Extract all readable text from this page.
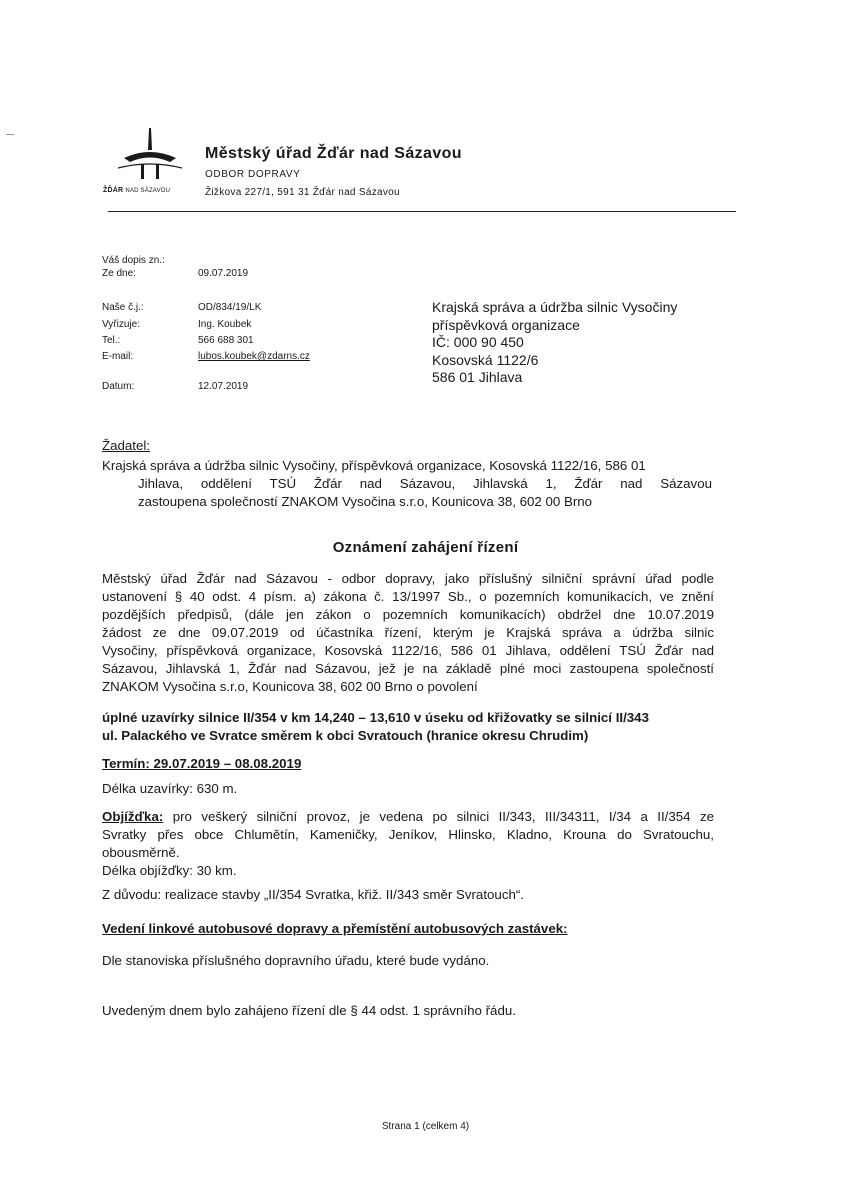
ŽĎÁR NAD SÁZAVOU
Městský úřad Žďár nad Sázavou
ODBOR DOPRAVY
Žižkova 227/1, 591 31 Žďár nad Sázavou
Váš dopis zn.:
Ze dne:	09.07.2019
Naše č.j.:	OD/834/19/LK
Vyřizuje:	Ing. Koubek
Tel.:	566 688 301
E-mail:	lubos.koubek@zdarns.cz
Datum:	12.07.2019
Krajská správa a údržba silnic Vysočiny
příspěvková organizace
IČ: 000 90 450
Kosovská 1122/6
586 01 Jihlava
Žadatel:
Krajská správa a údržba silnic Vysočiny, příspěvková organizace, Kosovská 1122/16, 586 01
Jihlava, oddělení TSÚ Žďár nad Sázavou, Jihlavská 1, Žďár nad Sázavou
zastoupena společností ZNAKOM Vysočina s.r.o, Kounicova 38, 602 00 Brno
Oznámení zahájení řízení
Městský úřad Žďár nad Sázavou - odbor dopravy, jako příslušný silniční správní úřad podle
ustanovení § 40 odst. 4 písm. a) zákona č. 13/1997 Sb., o pozemních komunikacích, ve znění
pozdějších předpisů, (dále jen zákon o pozemních komunikacích) obdržel dne 10.07.2019
žádost ze dne 09.07.2019 od účastníka řízení, kterým je Krajská správa a údržba silnic
Vysočiny, příspěvková organizace, Kosovská 1122/16, 586 01 Jihlava, oddělení TSÚ Žďár nad
Sázavou, Jihlavská 1, Žďár nad Sázavou, jež je na základě plné moci zastoupena společností
ZNAKOM Vysočina s.r.o, Kounicova 38, 602 00 Brno o povolení
úplné uzavírky silnice II/354 v km 14,240 – 13,610 v úseku od křižovatky se silnicí II/343
ul. Palackého ve Svratce směrem k obci Svratouch (hranice okresu Chrudim)
Termín: 29.07.2019 – 08.08.2019
Délka uzavírky: 630 m.
Objížďka: pro veškerý silniční provoz, je vedena po silnici II/343, III/34311, I/34 a II/354 ze
Svratky přes obce Chlumětín, Kameničky, Jeníkov, Hlinsko, Kladno, Krouna do Svratouchu,
obousměrně.
Délka objížďky: 30 km.
Z důvodu: realizace stavby „II/354 Svratka, křiž. II/343 směr Svratouch“.
Vedení linkové autobusové dopravy a přemístění autobusových zastávek:
Dle stanoviska příslušného dopravního úřadu, které bude vydáno.
Uvedeným dnem bylo zahájeno řízení dle § 44 odst. 1 správního řádu.
Strana 1 (celkem 4)
